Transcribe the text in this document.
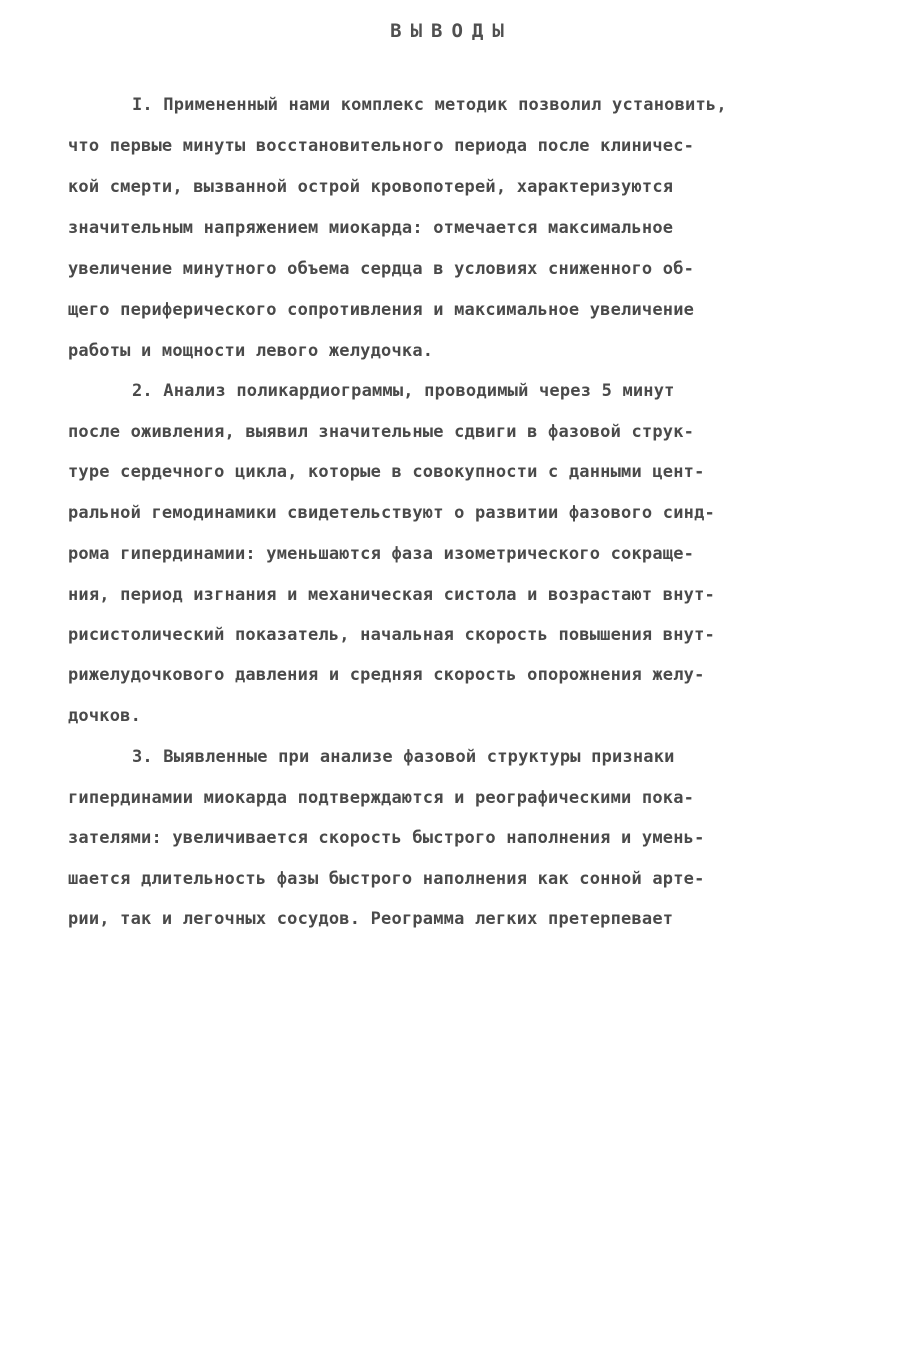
ВЫВОДЫ
I. Примененный нами комплекс методик позволил установить,
что первые минуты восстановительного периода после клиничес-
кой смерти, вызванной острой кровопотерей, характеризуются
значительным напряжением миокарда: отмечается максимальное
увеличение минутного объема сердца в условиях сниженного об-
щего периферического сопротивления и максимальное увеличение
работы и мощности левого желудочка.
2. Анализ поликардиограммы, проводимый через 5 минут
после оживления, выявил значительные сдвиги в фазовой струк-
туре сердечного цикла, которые в совокупности с данными цент-
ральной гемодинамики свидетельствуют о развитии фазового синд-
рома гипердинамии: уменьшаются фаза изометрического сокраще-
ния, период изгнания и механическая систола и возрастают внут-
рисистолический показатель, начальная скорость повышения внут-
рижелудочкового давления и средняя скорость опорожнения желу-
дочков.
3. Выявленные при анализе фазовой структуры признаки
гипердинамии миокарда подтверждаются и реографическими пока-
зателями: увеличивается скорость быстрого наполнения и умень-
шается длительность фазы быстрого наполнения как сонной арте-
рии, так и легочных сосудов. Реограмма легких претерпевает
